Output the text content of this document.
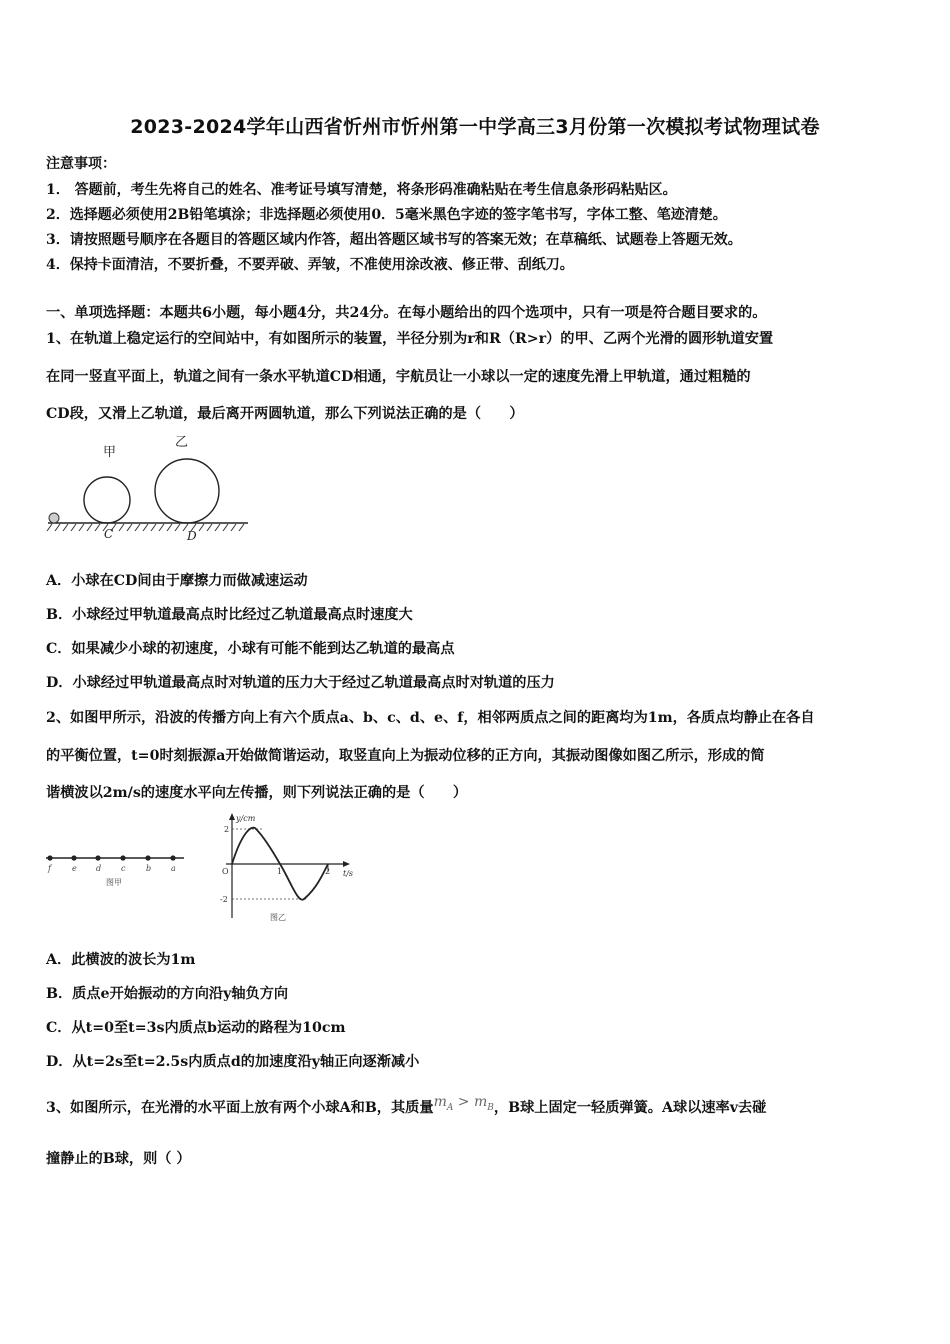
2023-2024学年山西省忻州市忻州第一中学高三3月份第一次模拟考试物理试卷
注意事项：
1． 答题前，考生先将自己的姓名、准考证号填写清楚，将条形码准确粘贴在考生信息条形码粘贴区。
2．选择题必须使用2B铅笔填涂；非选择题必须使用0．5毫米黑色字迹的签字笔书写，字体工整、笔迹清楚。
3．请按照题号顺序在各题目的答题区域内作答，超出答题区域书写的答案无效；在草稿纸、试题卷上答题无效。
4．保持卡面清洁，不要折叠，不要弄破、弄皱，不准使用涂改液、修正带、刮纸刀。
一、单项选择题：本题共6小题，每小题4分，共24分。在每小题给出的四个选项中，只有一项是符合题目要求的。
1、在轨道上稳定运行的空间站中，有如图所示的装置，半径分别为r和R（R>r）的甲、乙两个光滑的圆形轨道安置
在同一竖直平面上，轨道之间有一条水平轨道CD相通，宇航员让一小球以一定的速度先滑上甲轨道，通过粗糙的
CD段，又滑上乙轨道，最后离开两圆轨道，那么下列说法正确的是（　　）
甲
乙
C	D
A．小球在CD间由于摩擦力而做减速运动
B．小球经过甲轨道最高点时比经过乙轨道最高点时速度大
C．如果减少小球的初速度，小球有可能不能到达乙轨道的最高点
D．小球经过甲轨道最高点时对轨道的压力大于经过乙轨道最高点时对轨道的压力
2、如图甲所示，沿波的传播方向上有六个质点a、b、c、d、e、f，相邻两质点之间的距离均为1m，各质点均静止在各自
的平衡位置，t=0时刻振源a开始做简谐运动，取竖直向上为振动位移的正方向，其振动图像如图乙所示，形成的简
谐横波以2m/s的速度水平向左传播，则下列说法正确的是（　　）
f	e d c	b a
图甲
y/cm
t/s
O
2
-2
1	2
图乙
A．此横波的波长为1m
B．质点e开始振动的方向沿y轴负方向
C．从t=0至t=3s内质点b运动的路程为10cm
D．从t=2s至t=2.5s内质点d的加速度沿y轴正向逐渐减小
3、如图所示，在光滑的水平面上放有两个小球A和B，其质量$m_A > m_B$，B球上固定一轻质弹簧。A球以速率v去碰
撞静止的B球，则（ ）
